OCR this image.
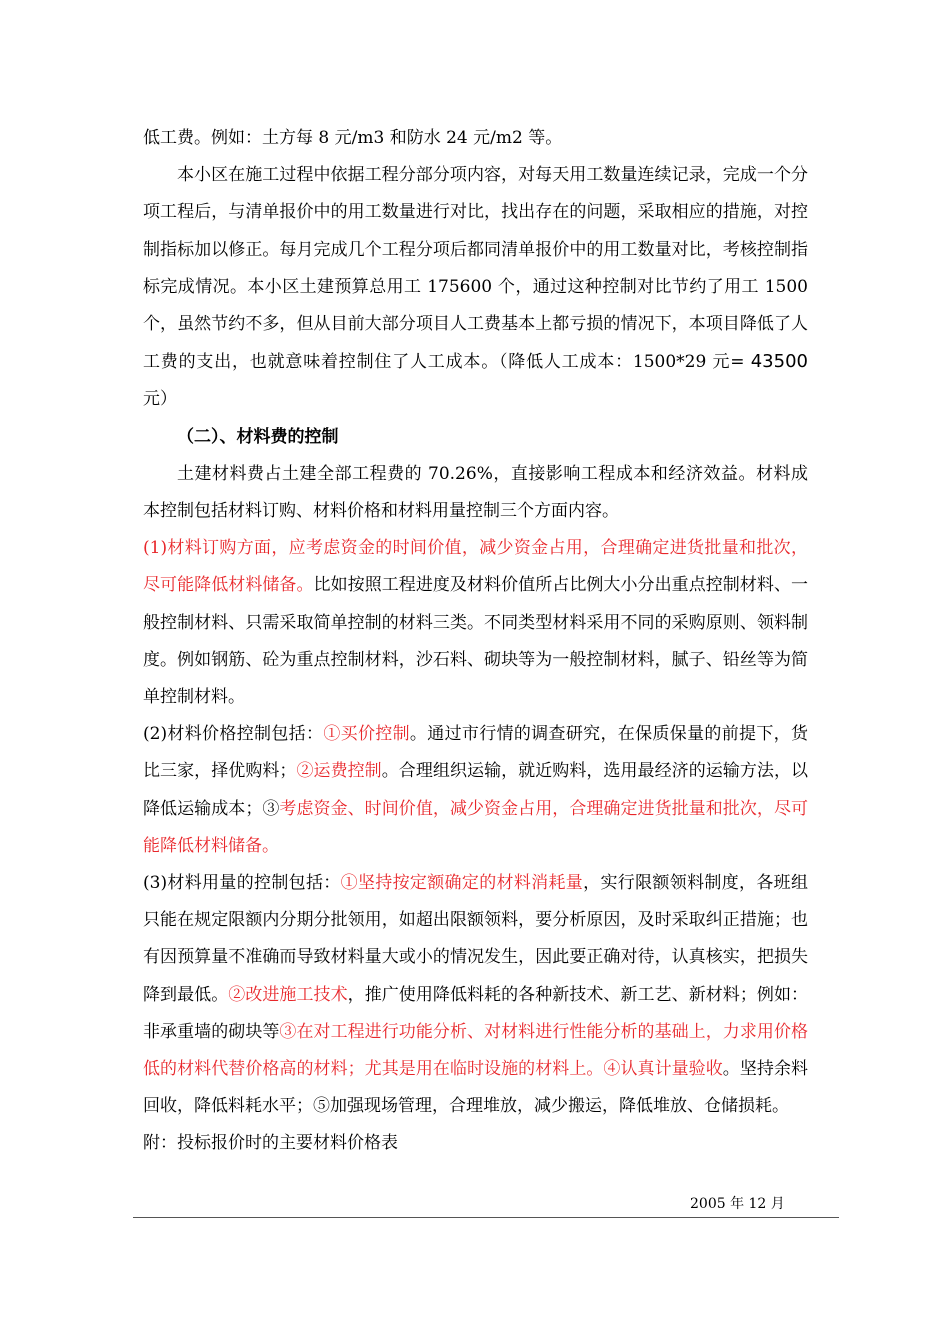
低工费。例如：土方每 8 元/m3 和防水 24 元/m2 等。

本小区在施工过程中依据工程分部分项内容，对每天用工数量连续记录，完成一个分项工程后，与清单报价中的用工数量进行对比，找出存在的问题，采取相应的措施，对控制指标加以修正。每月完成几个工程分项后都同清单报价中的用工数量对比，考核控制指标完成情况。本小区土建预算总用工 175600 个，通过这种控制对比节约了用工 1500 个，虽然节约不多，但从目前大部分项目人工费基本上都亏损的情况下，本项目降低了人工费的支出，也就意味着控制住了人工成本。（降低人工成本：1500*29 元= 43500 元）

（二）、材料费的控制

土建材料费占土建全部工程费的 70.26%，直接影响工程成本和经济效益。材料成本控制包括材料订购、材料价格和材料用量控制三个方面内容。

(1)材料订购方面，应考虑资金的时间价值，减少资金占用，合理确定进货批量和批次，尽可能降低材料储备。比如按照工程进度及材料价值所占比例大小分出重点控制材料、一般控制材料、只需采取简单控制的材料三类。不同类型材料采用不同的采购原则、领料制度。例如钢筋、砼为重点控制材料，沙石料、砌块等为一般控制材料，腻子、铅丝等为简单控制材料。

(2)材料价格控制包括：①买价控制。通过市行情的调查研究，在保质保量的前提下，货比三家，择优购料；②运费控制。合理组织运输，就近购料，选用最经济的运输方法，以降低运输成本；③考虑资金、时间价值，减少资金占用，合理确定进货批量和批次，尽可能降低材料储备。

(3)材料用量的控制包括：①坚持按定额确定的材料消耗量，实行限额领料制度，各班组只能在规定限额内分期分批领用，如超出限额领料，要分析原因，及时采取纠正措施；也有因预算量不准确而导致材料量大或小的情况发生，因此要正确对待，认真核实，把损失降到最低。②改进施工技术，推广使用降低料耗的各种新技术、新工艺、新材料；例如：非承重墙的砌块等③在对工程进行功能分析、对材料进行性能分析的基础上，力求用价格低的材料代替价格高的材料；尤其是用在临时设施的材料上。④认真计量验收。坚持余料回收，降低料耗水平；⑤加强现场管理，合理堆放，减少搬运，降低堆放、仓储损耗。

附：投标报价时的主要材料价格表

2005 年 12 月
